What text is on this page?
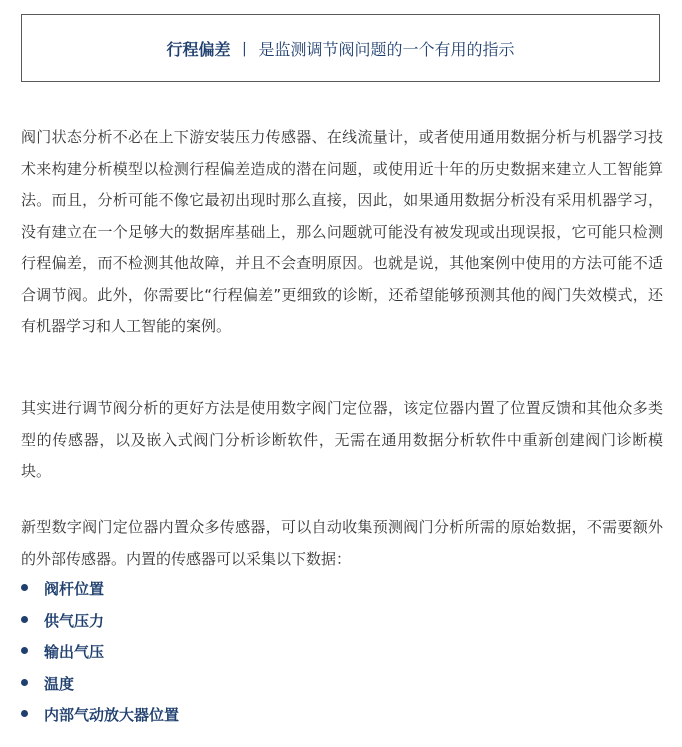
行程偏差 丨 是监测调节阀问题的一个有用的指示

阀门状态分析不必在上下游安装压力传感器、在线流量计，或者使用通用数据分析与机器学习技术来构建分析模型以检测行程偏差造成的潜在问题，或使用近十年的历史数据来建立人工智能算法。而且，分析可能不像它最初出现时那么直接，因此，如果通用数据分析没有采用机器学习，没有建立在一个足够大的数据库基础上，那么问题就可能没有被发现或出现误报，它可能只检测行程偏差，而不检测其他故障，并且不会查明原因。也就是说，其他案例中使用的方法可能不适合调节阀。此外，你需要比“行程偏差”更细致的诊断，还希望能够预测其他的阀门失效模式，还有机器学习和人工智能的案例。

其实进行调节阀分析的更好方法是使用数字阀门定位器，该定位器内置了位置反馈和其他众多类型的传感器，以及嵌入式阀门分析诊断软件，无需在通用数据分析软件中重新创建阀门诊断模块。

新型数字阀门定位器内置众多传感器，可以自动收集预测阀门分析所需的原始数据，不需要额外的外部传感器。内置的传感器可以采集以下数据：

阀杆位置
供气压力
输出气压
温度
内部气动放大器位置
